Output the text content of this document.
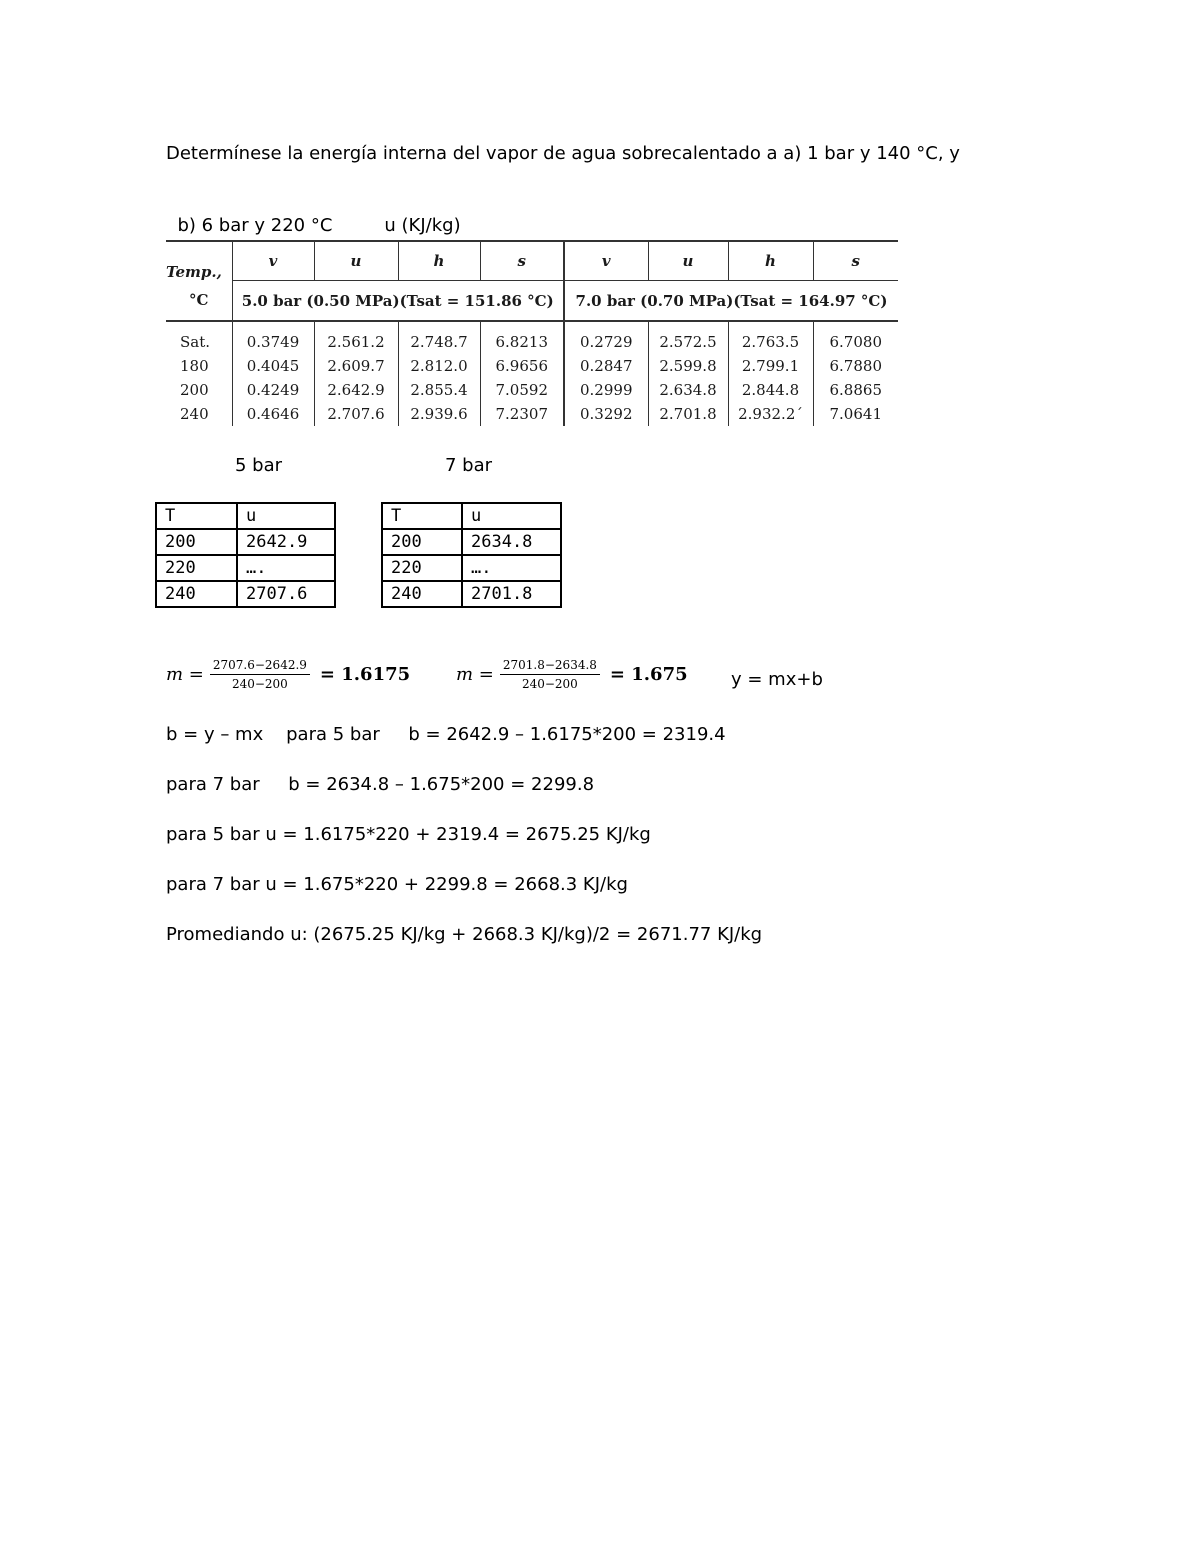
Determínese la energía interna del vapor de agua sobrecalentado a a) 1 bar y 140 °C, y

b) 6 bar y 220 °C	u (KJ/kg)

Temp.,	v	u	h	s	v	u	h	s
°C	5.0 bar (0.50 MPa)(Tsat = 151.86 °C)				7.0 bar (0.70 MPa)(Tsat = 164.97 °C)			
Sat.	0.3749	2.561.2	2.748.7	6.8213	0.2729	2.572.5	2.763.5	6.7080
180	0.4045	2.609.7	2.812.0	6.9656	0.2847	2.599.8	2.799.1	6.7880
200	0.4249	2.642.9	2.855.4	7.0592	0.2999	2.634.8	2.844.8	6.8865
240	0.4646	2.707.6	2.939.6	7.2307	0.3292	2.701.8	2.932.2´	7.0641
5 bar	7 bar
T	u
200	2642.9
220	….
240	2707.6
T	u
200	2634.8
220	….
240	2701.8
$m = \frac{2707.6-2642.9}{240-200} = 1.6175$	$m = \frac{2701.8-2634.8}{240-200} = 1.675$ y = mx+b
b = y – mx    para 5 bar     b = 2642.9 – 1.6175*200 = 2319.4
para 7 bar     b = 2634.8 – 1.675*200 = 2299.8
para 5 bar u = 1.6175*220 + 2319.4 = 2675.25 KJ/kg
para 7 bar u = 1.675*220 + 2299.8 = 2668.3 KJ/kg
Promediando u: (2675.25 KJ/kg + 2668.3 KJ/kg)/2 = 2671.77 KJ/kg
